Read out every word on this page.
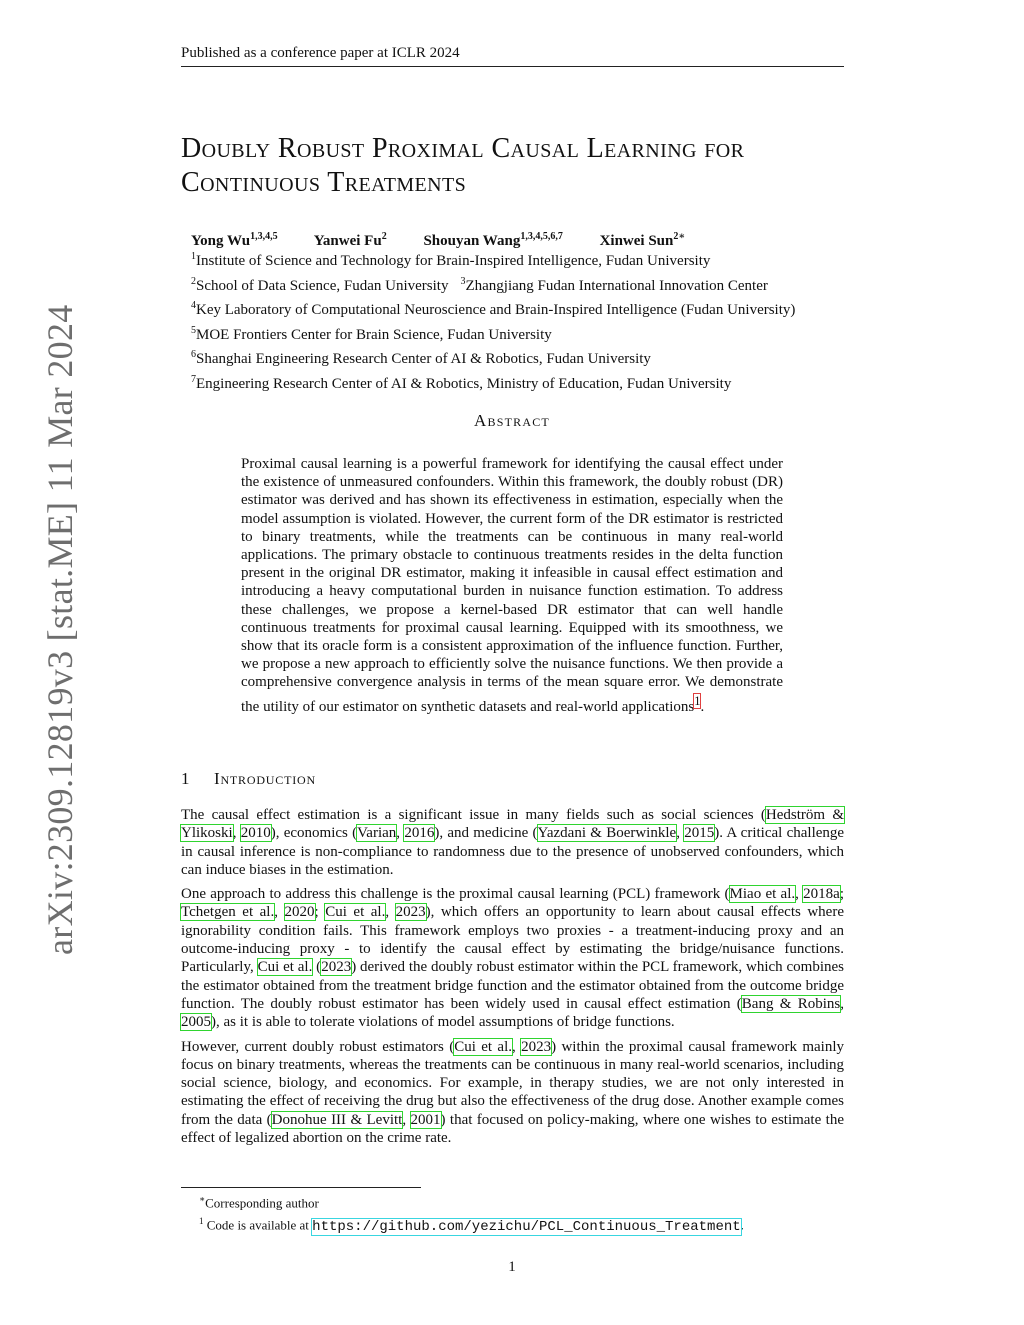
Published as a conference paper at ICLR 2024
arXiv:2309.12819v3 [stat.ME] 11 Mar 2024
Doubly Robust Proximal Causal Learning for
Continuous Treatments
Yong Wu$^{1,3,4,5}$ Yanwei Fu$^2$ Shouyan Wang$^{1,3,4,5,6,7}$ Xinwei Sun$^{2∗}$
$^1$Institute of Science and Technology for Brain-Inspired Intelligence, Fudan University
$^2$School of Data Science, Fudan University $^3$Zhangjiang Fudan International Innovation Center
$^4$Key Laboratory of Computational Neuroscience and Brain-Inspired Intelligence (Fudan University)
$^5$MOE Frontiers Center for Brain Science, Fudan University
$^6$Shanghai Engineering Research Center of AI & Robotics, Fudan University
$^7$Engineering Research Center of AI & Robotics, Ministry of Education, Fudan University
Abstract
Proximal causal learning is a powerful framework for identifying the causal effect under the existence of unmeasured confounders. Within this framework, the doubly robust (DR) estimator was derived and has shown its effectiveness in estimation, especially when the model assumption is violated. However, the current form of the DR estimator is restricted to binary treatments, while the treatments can be continuous in many real-world applications. The primary obstacle to continuous treatments resides in the delta function present in the original DR estimator, making it infeasible in causal effect estimation and introducing a heavy computational burden in nuisance function estimation. To address these challenges, we propose a kernel-based DR estimator that can well handle continuous treatments for proximal causal learning. Equipped with its smoothness, we show that its oracle form is a consistent approximation of the influence function. Further, we propose a new approach to efficiently solve the nuisance functions. We then provide a comprehensive convergence analysis in terms of the mean square error. We demonstrate the utility of our estimator on synthetic datasets and real-world applications$^1$.
1 Introduction

The causal effect estimation is a significant issue in many fields such as social sciences (Hedström & Ylikoski, 2010), economics (Varian, 2016), and medicine (Yazdani & Boerwinkle, 2015). A critical challenge in causal inference is non-compliance to randomness due to the presence of unobserved confounders, which can induce biases in the estimation.

One approach to address this challenge is the proximal causal learning (PCL) framework (Miao et al., 2018a; Tchetgen et al., 2020; Cui et al., 2023), which offers an opportunity to learn about causal effects where ignorability condition fails. This framework employs two proxies - a treatment-inducing proxy and an outcome-inducing proxy - to identify the causal effect by estimating the bridge/nuisance functions. Particularly, Cui et al. (2023) derived the doubly robust estimator within the PCL framework, which combines the estimator obtained from the treatment bridge function and the estimator obtained from the outcome bridge function. The doubly robust estimator has been widely used in causal effect estimation (Bang & Robins, 2005), as it is able to tolerate violations of model assumptions of bridge functions.

However, current doubly robust estimators (Cui et al., 2023) within the proximal causal framework mainly focus on binary treatments, whereas the treatments can be continuous in many real-world scenarios, including social science, biology, and economics. For example, in therapy studies, we are not only interested in estimating the effect of receiving the drug but also the effectiveness of the drug dose. Another example comes from the data (Donohue III & Levitt, 2001) that focused on policy-making, where one wishes to estimate the effect of legalized abortion on the crime rate.

∗Corresponding author
$^1$ Code is available at https://github.com/yezichu/PCL_Continuous_Treatment.
1
